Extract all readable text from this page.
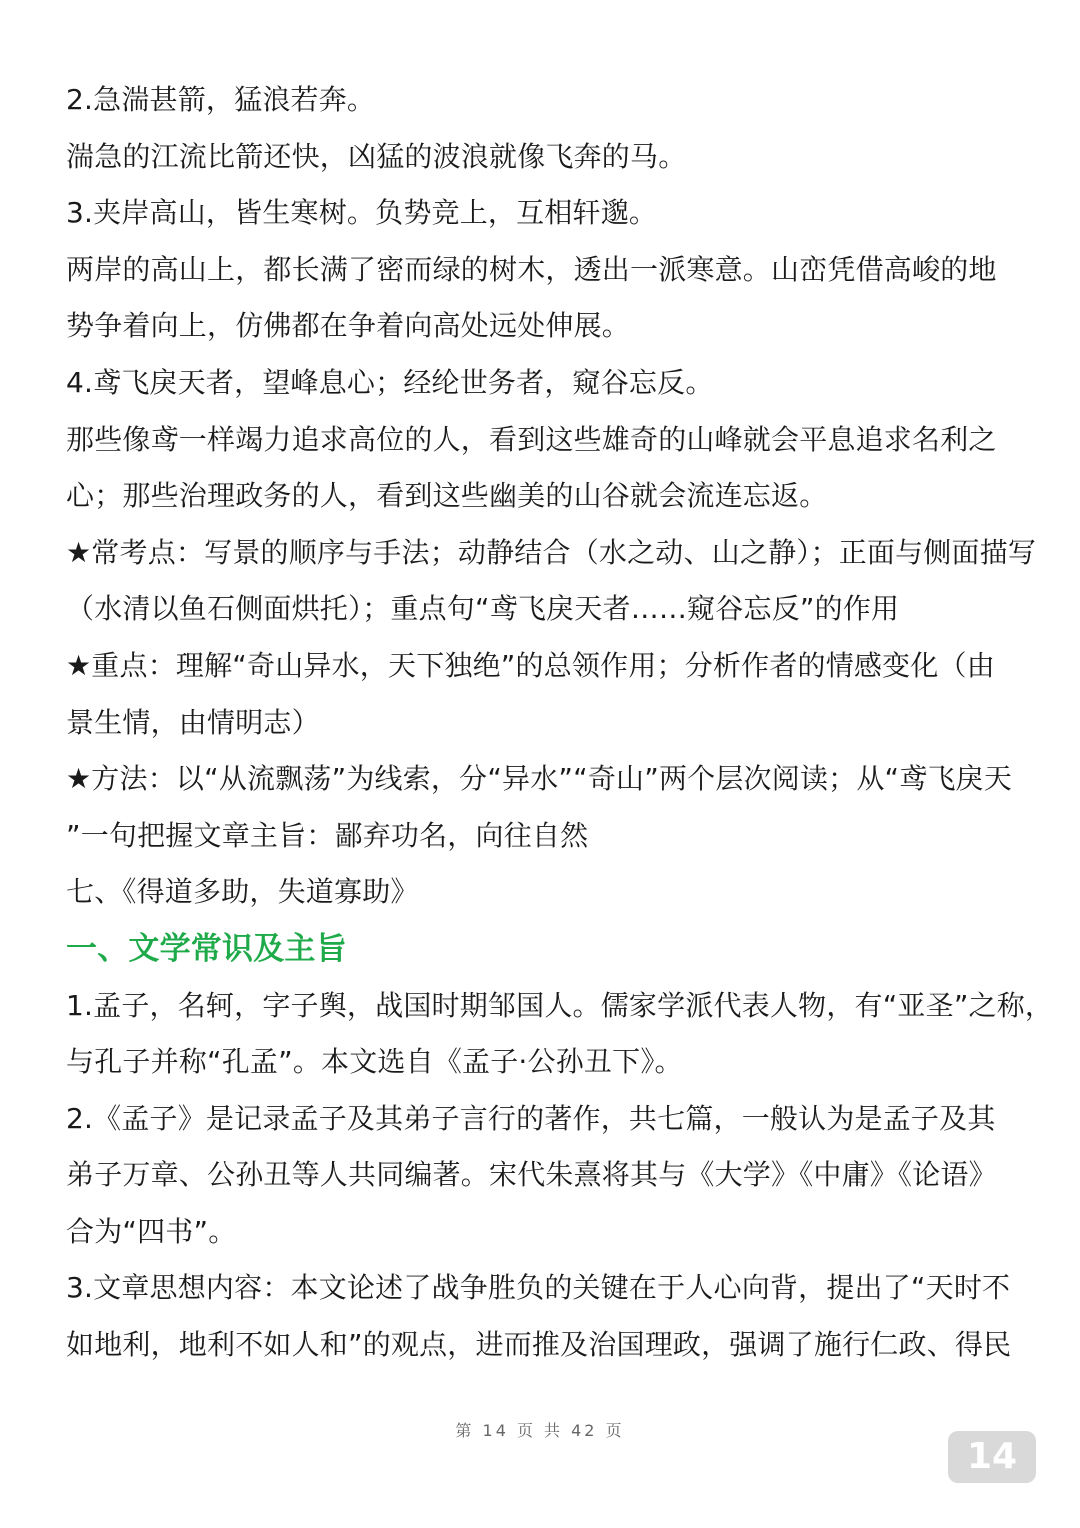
2.急湍甚箭，猛浪若奔。
湍急的江流比箭还快，凶猛的波浪就像飞奔的马。
3.夹岸高山，皆生寒树。负势竞上，互相轩邈。
两岸的高山上，都长满了密而绿的树木，透出一派寒意。山峦凭借高峻的地
势争着向上，仿佛都在争着向高处远处伸展。
4.鸢飞戾天者，望峰息心；经纶世务者，窥谷忘反。
那些像鸢一样竭力追求高位的人，看到这些雄奇的山峰就会平息追求名利之
心；那些治理政务的人，看到这些幽美的山谷就会流连忘返。
★常考点：写景的顺序与手法；动静结合（水之动、山之静）；正面与侧面描写
（水清以鱼石侧面烘托）；重点句“鸢飞戾天者……窥谷忘反”的作用
★重点：理解“奇山异水，天下独绝”的总领作用；分析作者的情感变化（由
景生情，由情明志）
★方法：以“从流飘荡”为线索，分“异水”“奇山”两个层次阅读；从“鸢飞戾天
”一句把握文章主旨：鄙弃功名，向往自然
七、《得道多助，失道寡助》
一、文学常识及主旨
1.孟子，名轲，字子舆，战国时期邹国人。儒家学派代表人物，有“亚圣”之称，
与孔子并称“孔孟”。本文选自《孟子·公孙丑下》。
2.《孟子》是记录孟子及其弟子言行的著作，共七篇，一般认为是孟子及其
弟子万章、公孙丑等人共同编著。宋代朱熹将其与《大学》《中庸》《论语》
合为“四书”。
3.文章思想内容：本文论述了战争胜负的关键在于人心向背，提出了“天时不
如地利，地利不如人和”的观点，进而推及治国理政，强调了施行仁政、得民
第 14 页 共 42 页
14
